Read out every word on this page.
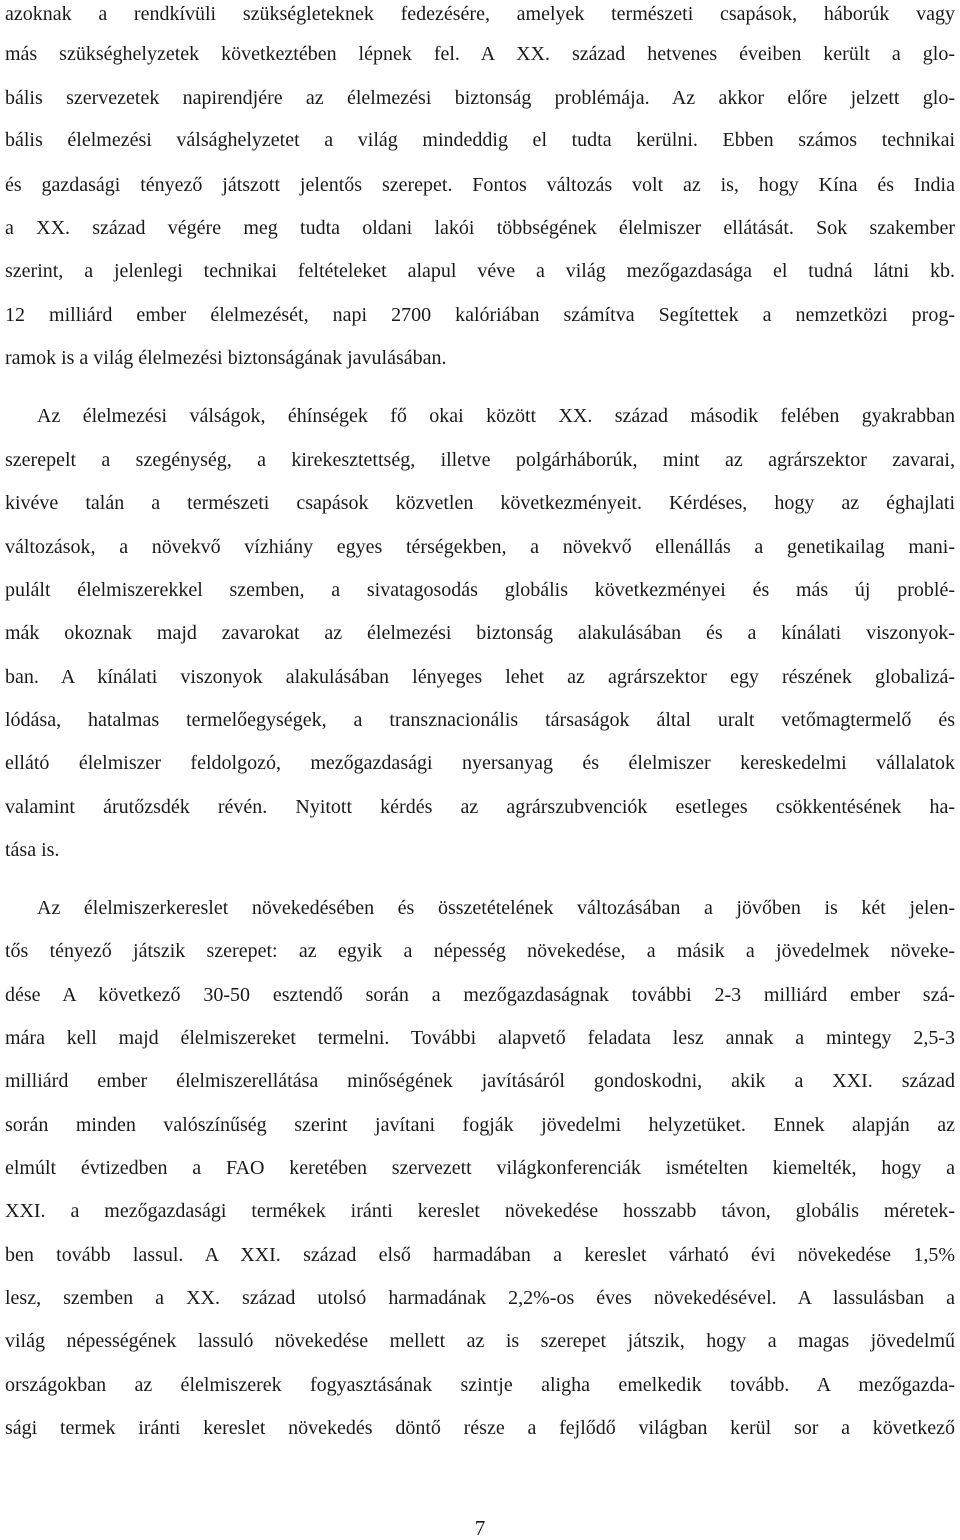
azoknak a rendkívüli szükségleteknek fedezésére, amelyek természeti csapások, háborúk vagy
más szükséghelyzetek következtében lépnek fel. A XX. század hetvenes éveiben került a glo-
bális szervezetek napirendjére az élelmezési biztonság problémája. Az akkor előre jelzett glo-
bális élelmezési válsághelyzetet a világ mindeddig el tudta kerülni. Ebben számos technikai
és gazdasági tényező játszott jelentős szerepet. Fontos változás volt az is, hogy Kína és India
a XX. század végére meg tudta oldani lakói többségének élelmiszer ellátását. Sok szakember
szerint, a jelenlegi technikai feltételeket alapul véve a világ mezőgazdasága el tudná látni kb.
12 milliárd ember élelmezését, napi 2700 kalóriában számítva Segítettek a nemzetközi prog-
ramok is a világ élelmezési biztonságának javulásában.
Az élelmezési válságok, éhínségek fő okai között XX. század második felében gyakrabban
szerepelt a szegénység, a kirekesztettség, illetve polgárháborúk, mint az agrárszektor zavarai,
kivéve talán a természeti csapások közvetlen következményeit. Kérdéses, hogy az éghajlati
változások, a növekvő vízhiány egyes térségekben, a növekvő ellenállás a genetikailag mani-
pulált élelmiszerekkel szemben, a sivatagosodás globális következményei és más új problé-
mák okoznak majd zavarokat az élelmezési biztonság alakulásában és a kínálati viszonyok-
ban. A kínálati viszonyok alakulásában lényeges lehet az agrárszektor egy részének globalizá-
lódása, hatalmas termelőegységek, a transznacionális társaságok által uralt vetőmagtermelő és
ellátó élelmiszer feldolgozó, mezőgazdasági nyersanyag és élelmiszer kereskedelmi vállalatok
valamint árutőzsdék révén. Nyitott kérdés az agrárszubvenciók esetleges csökkentésének ha-
tása is.
Az élelmiszerkereslet növekedésében és összetételének változásában a jövőben is két jelen-
tős tényező játszik szerepet: az egyik a népesség növekedése, a másik a jövedelmek növeke-
dése A következő 30-50 esztendő során a mezőgazdaságnak további 2-3 milliárd ember szá-
mára kell majd élelmiszereket termelni. További alapvető feladata lesz annak a mintegy 2,5-3
milliárd ember élelmiszerellátása minőségének javításáról gondoskodni, akik a XXI. század
során minden valószínűség szerint javítani fogják jövedelmi helyzetüket. Ennek alapján az
elmúlt évtizedben a FAO keretében szervezett világkonferenciák ismételten kiemelték, hogy a
XXI. a mezőgazdasági termékek iránti kereslet növekedése hosszabb távon, globális méretek-
ben tovább lassul. A XXI. század első harmadában a kereslet várható évi növekedése 1,5%
lesz, szemben a XX. század utolsó harmadának 2,2%-os éves növekedésével. A lassulásban a
világ népességének lassuló növekedése mellett az is szerepet játszik, hogy a magas jövedelmű
országokban az élelmiszerek fogyasztásának szintje aligha emelkedik tovább. A mezőgazda-
sági termek iránti kereslet növekedés döntő része a fejlődő világban kerül sor a következő
7
